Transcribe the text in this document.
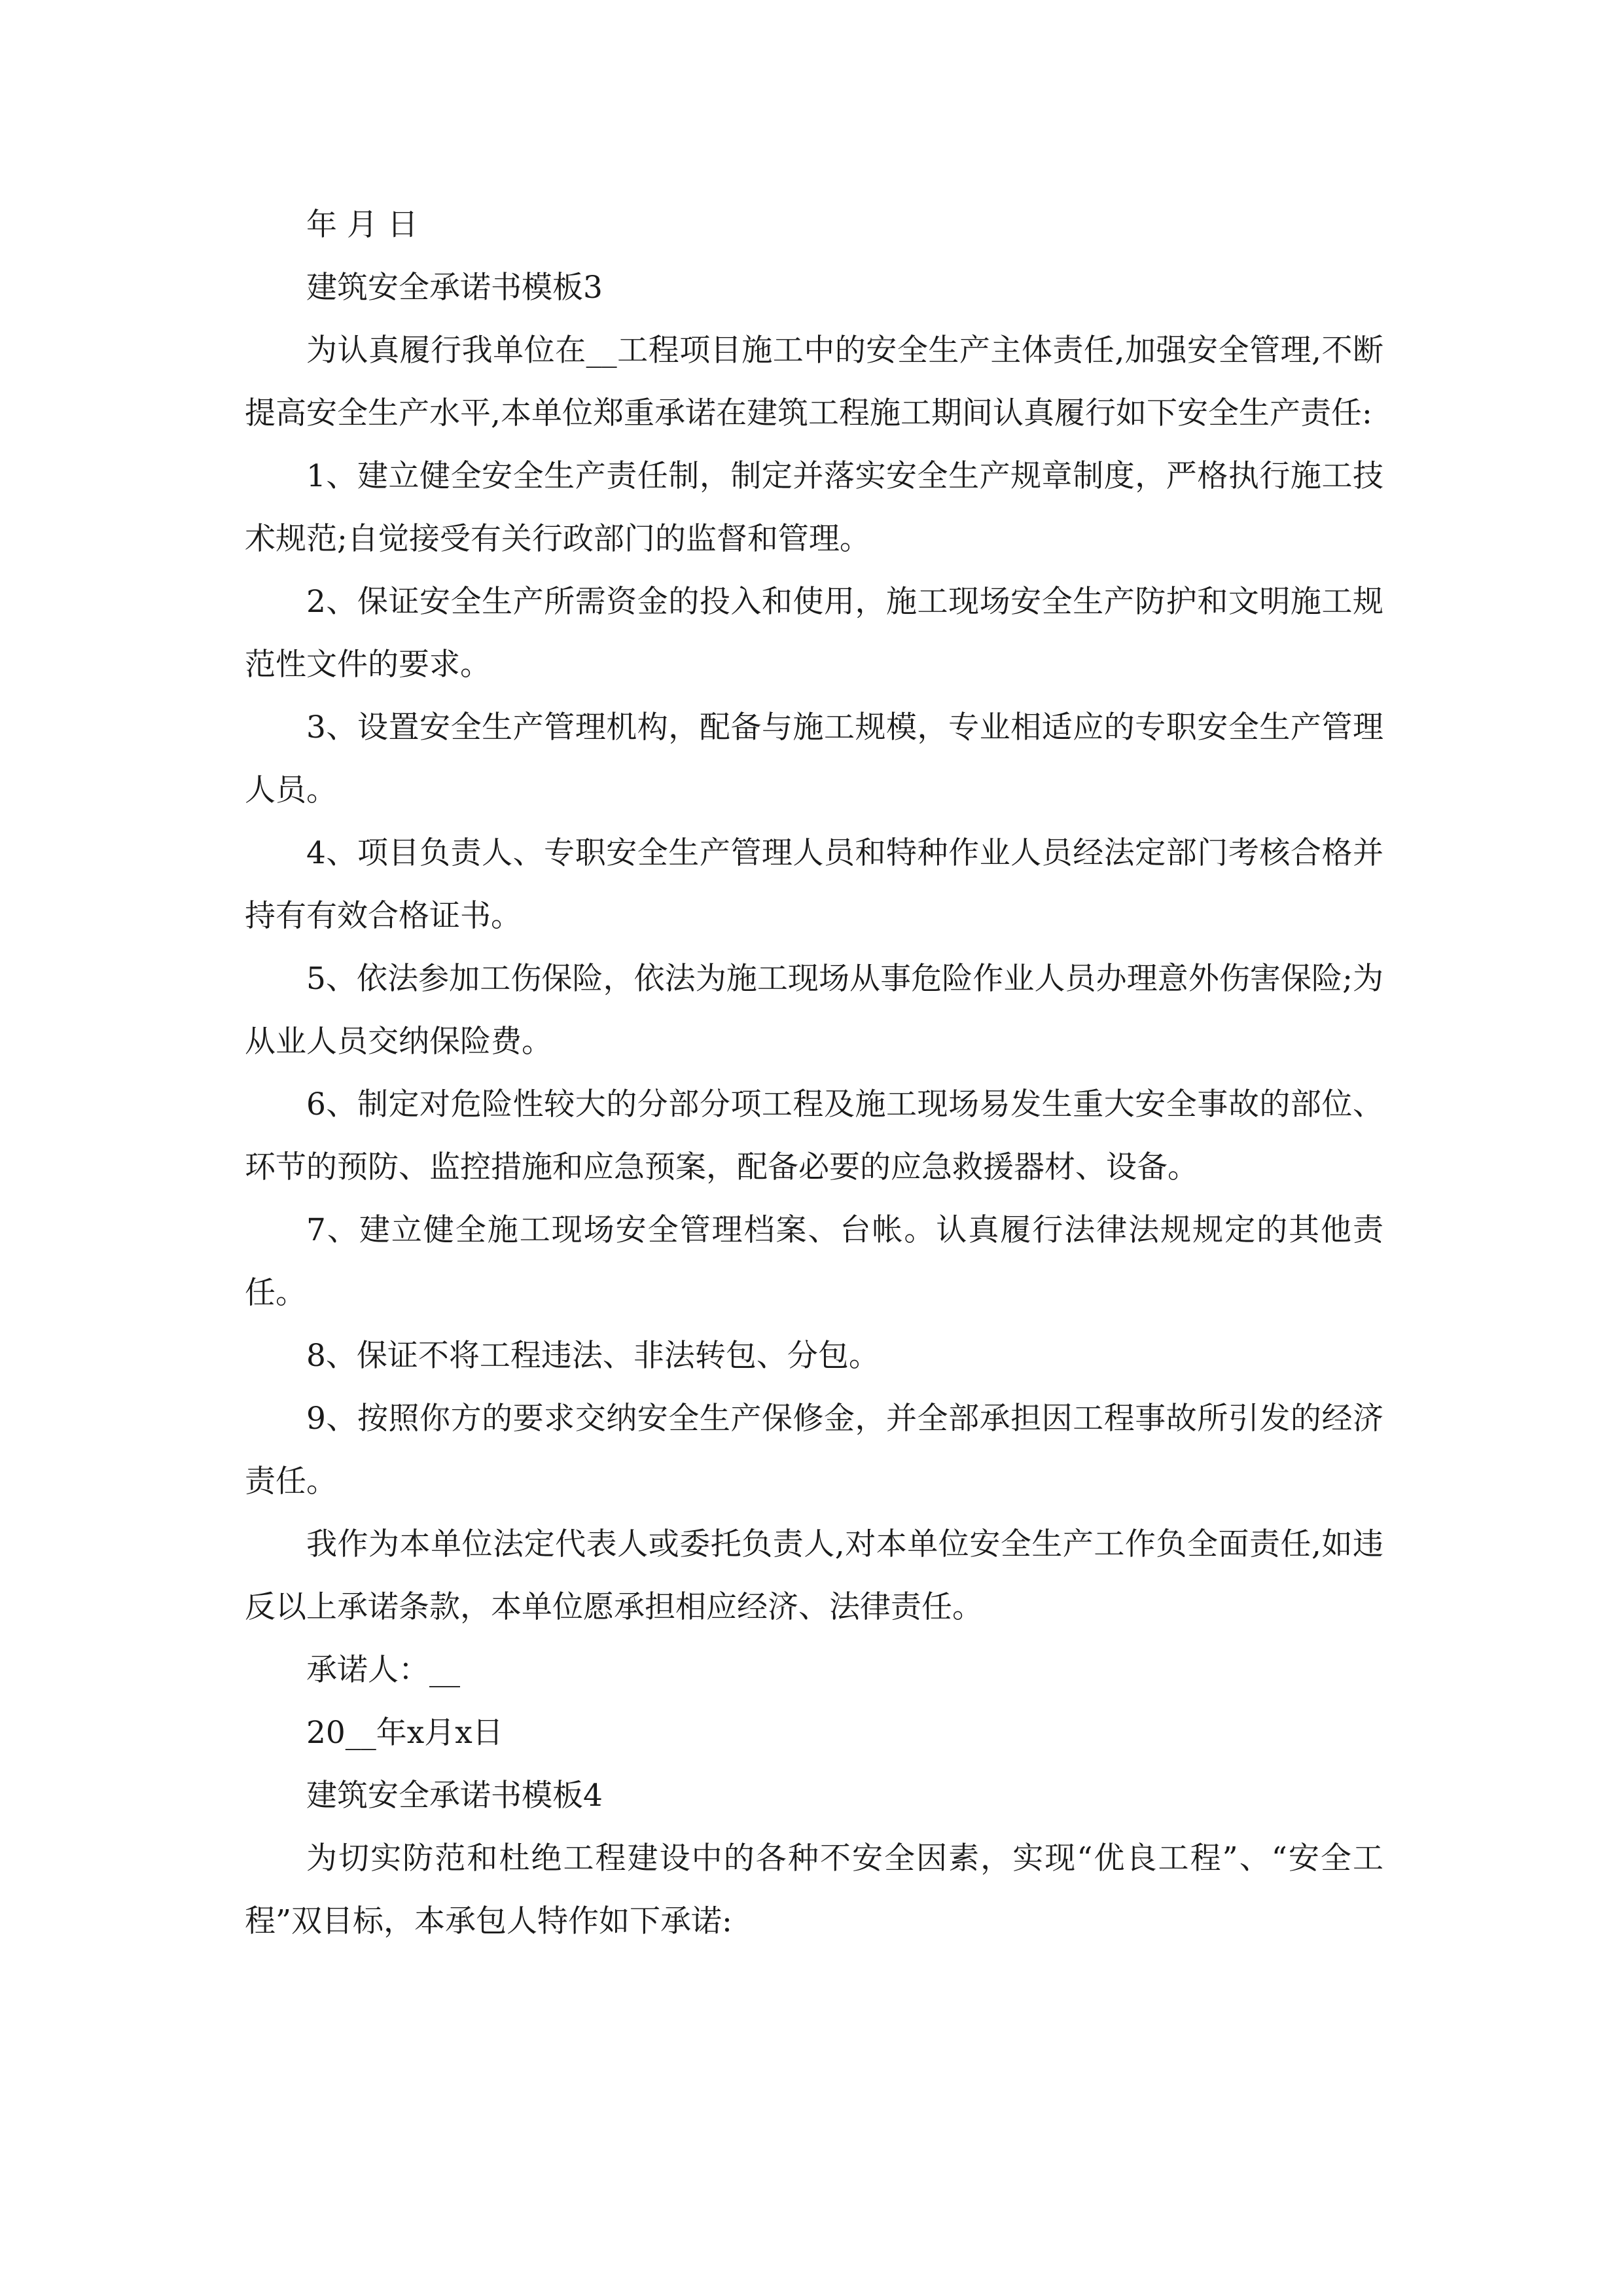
年 月 日

建筑安全承诺书模板3

为认真履行我单位在__工程项目施工中的安全生产主体责任,加强安全管理,不断提高安全生产水平,本单位郑重承诺在建筑工程施工期间认真履行如下安全生产责任:

1、建立健全安全生产责任制，制定并落实安全生产规章制度，严格执行施工技术规范;自觉接受有关行政部门的监督和管理。

2、保证安全生产所需资金的投入和使用，施工现场安全生产防护和文明施工规范性文件的要求。

3、设置安全生产管理机构，配备与施工规模，专业相适应的专职安全生产管理人员。

4、项目负责人、专职安全生产管理人员和特种作业人员经法定部门考核合格并持有有效合格证书。

5、依法参加工伤保险，依法为施工现场从事危险作业人员办理意外伤害保险;为从业人员交纳保险费。

6、制定对危险性较大的分部分项工程及施工现场易发生重大安全事故的部位、环节的预防、监控措施和应急预案，配备必要的应急救援器材、设备。

7、建立健全施工现场安全管理档案、台帐。认真履行法律法规规定的其他责任。

8、保证不将工程违法、非法转包、分包。

9、按照你方的要求交纳安全生产保修金，并全部承担因工程事故所引发的经济责任。

我作为本单位法定代表人或委托负责人,对本单位安全生产工作负全面责任,如违反以上承诺条款，本单位愿承担相应经济、法律责任。

承诺人：__

20__年x月x日

建筑安全承诺书模板4

为切实防范和杜绝工程建设中的各种不安全因素，实现“优良工程”、“安全工程”双目标，本承包人特作如下承诺:
